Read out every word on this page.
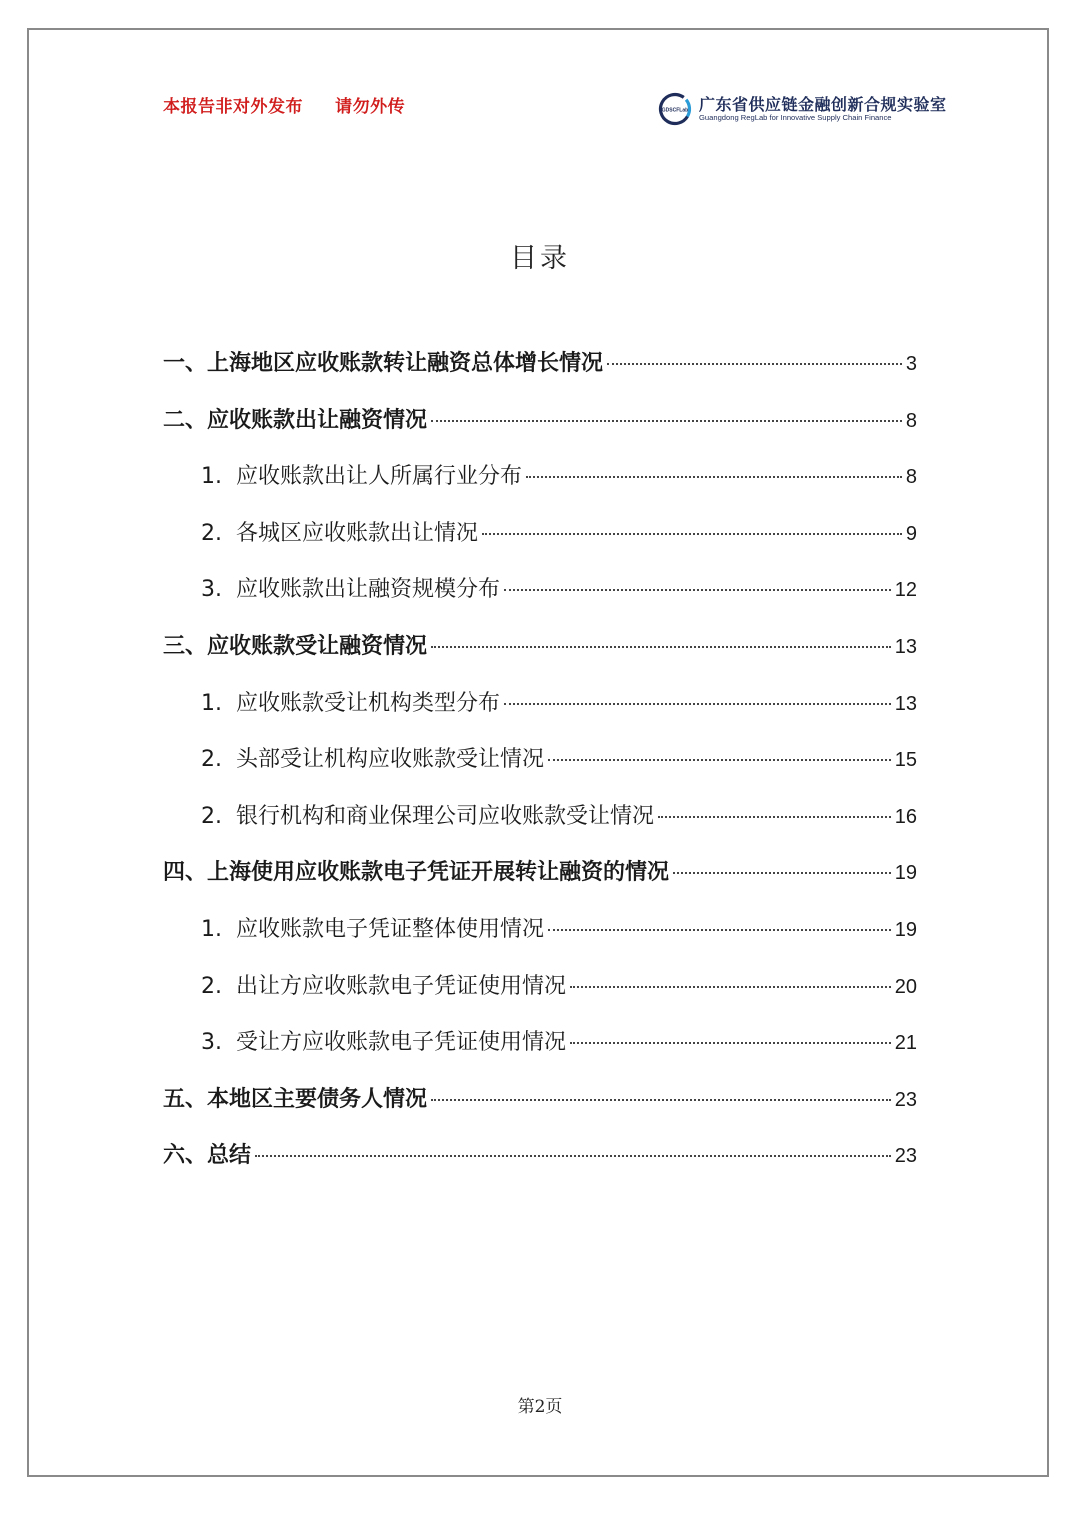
本报告非对外发布     请勿外传	GDSCFLab 广东省供应链金融创新合规实验室
Guangdong RegLab for Innovative Supply Chain Finance
目录
一、上海地区应收账款转让融资总体增长情况	3
二、应收账款出让融资情况	8
1. 应收账款出让人所属行业分布	8
2. 各城区应收账款出让情况	9
3. 应收账款出让融资规模分布	12
三、应收账款受让融资情况	13
1. 应收账款受让机构类型分布	13
2. 头部受让机构应收账款受让情况	15
2. 银行机构和商业保理公司应收账款受让情况	16
四、上海使用应收账款电子凭证开展转让融资的情况	19
1. 应收账款电子凭证整体使用情况	19
2. 出让方应收账款电子凭证使用情况	20
3. 受让方应收账款电子凭证使用情况	21
五、本地区主要债务人情况	23
六、总结	23
第2页
